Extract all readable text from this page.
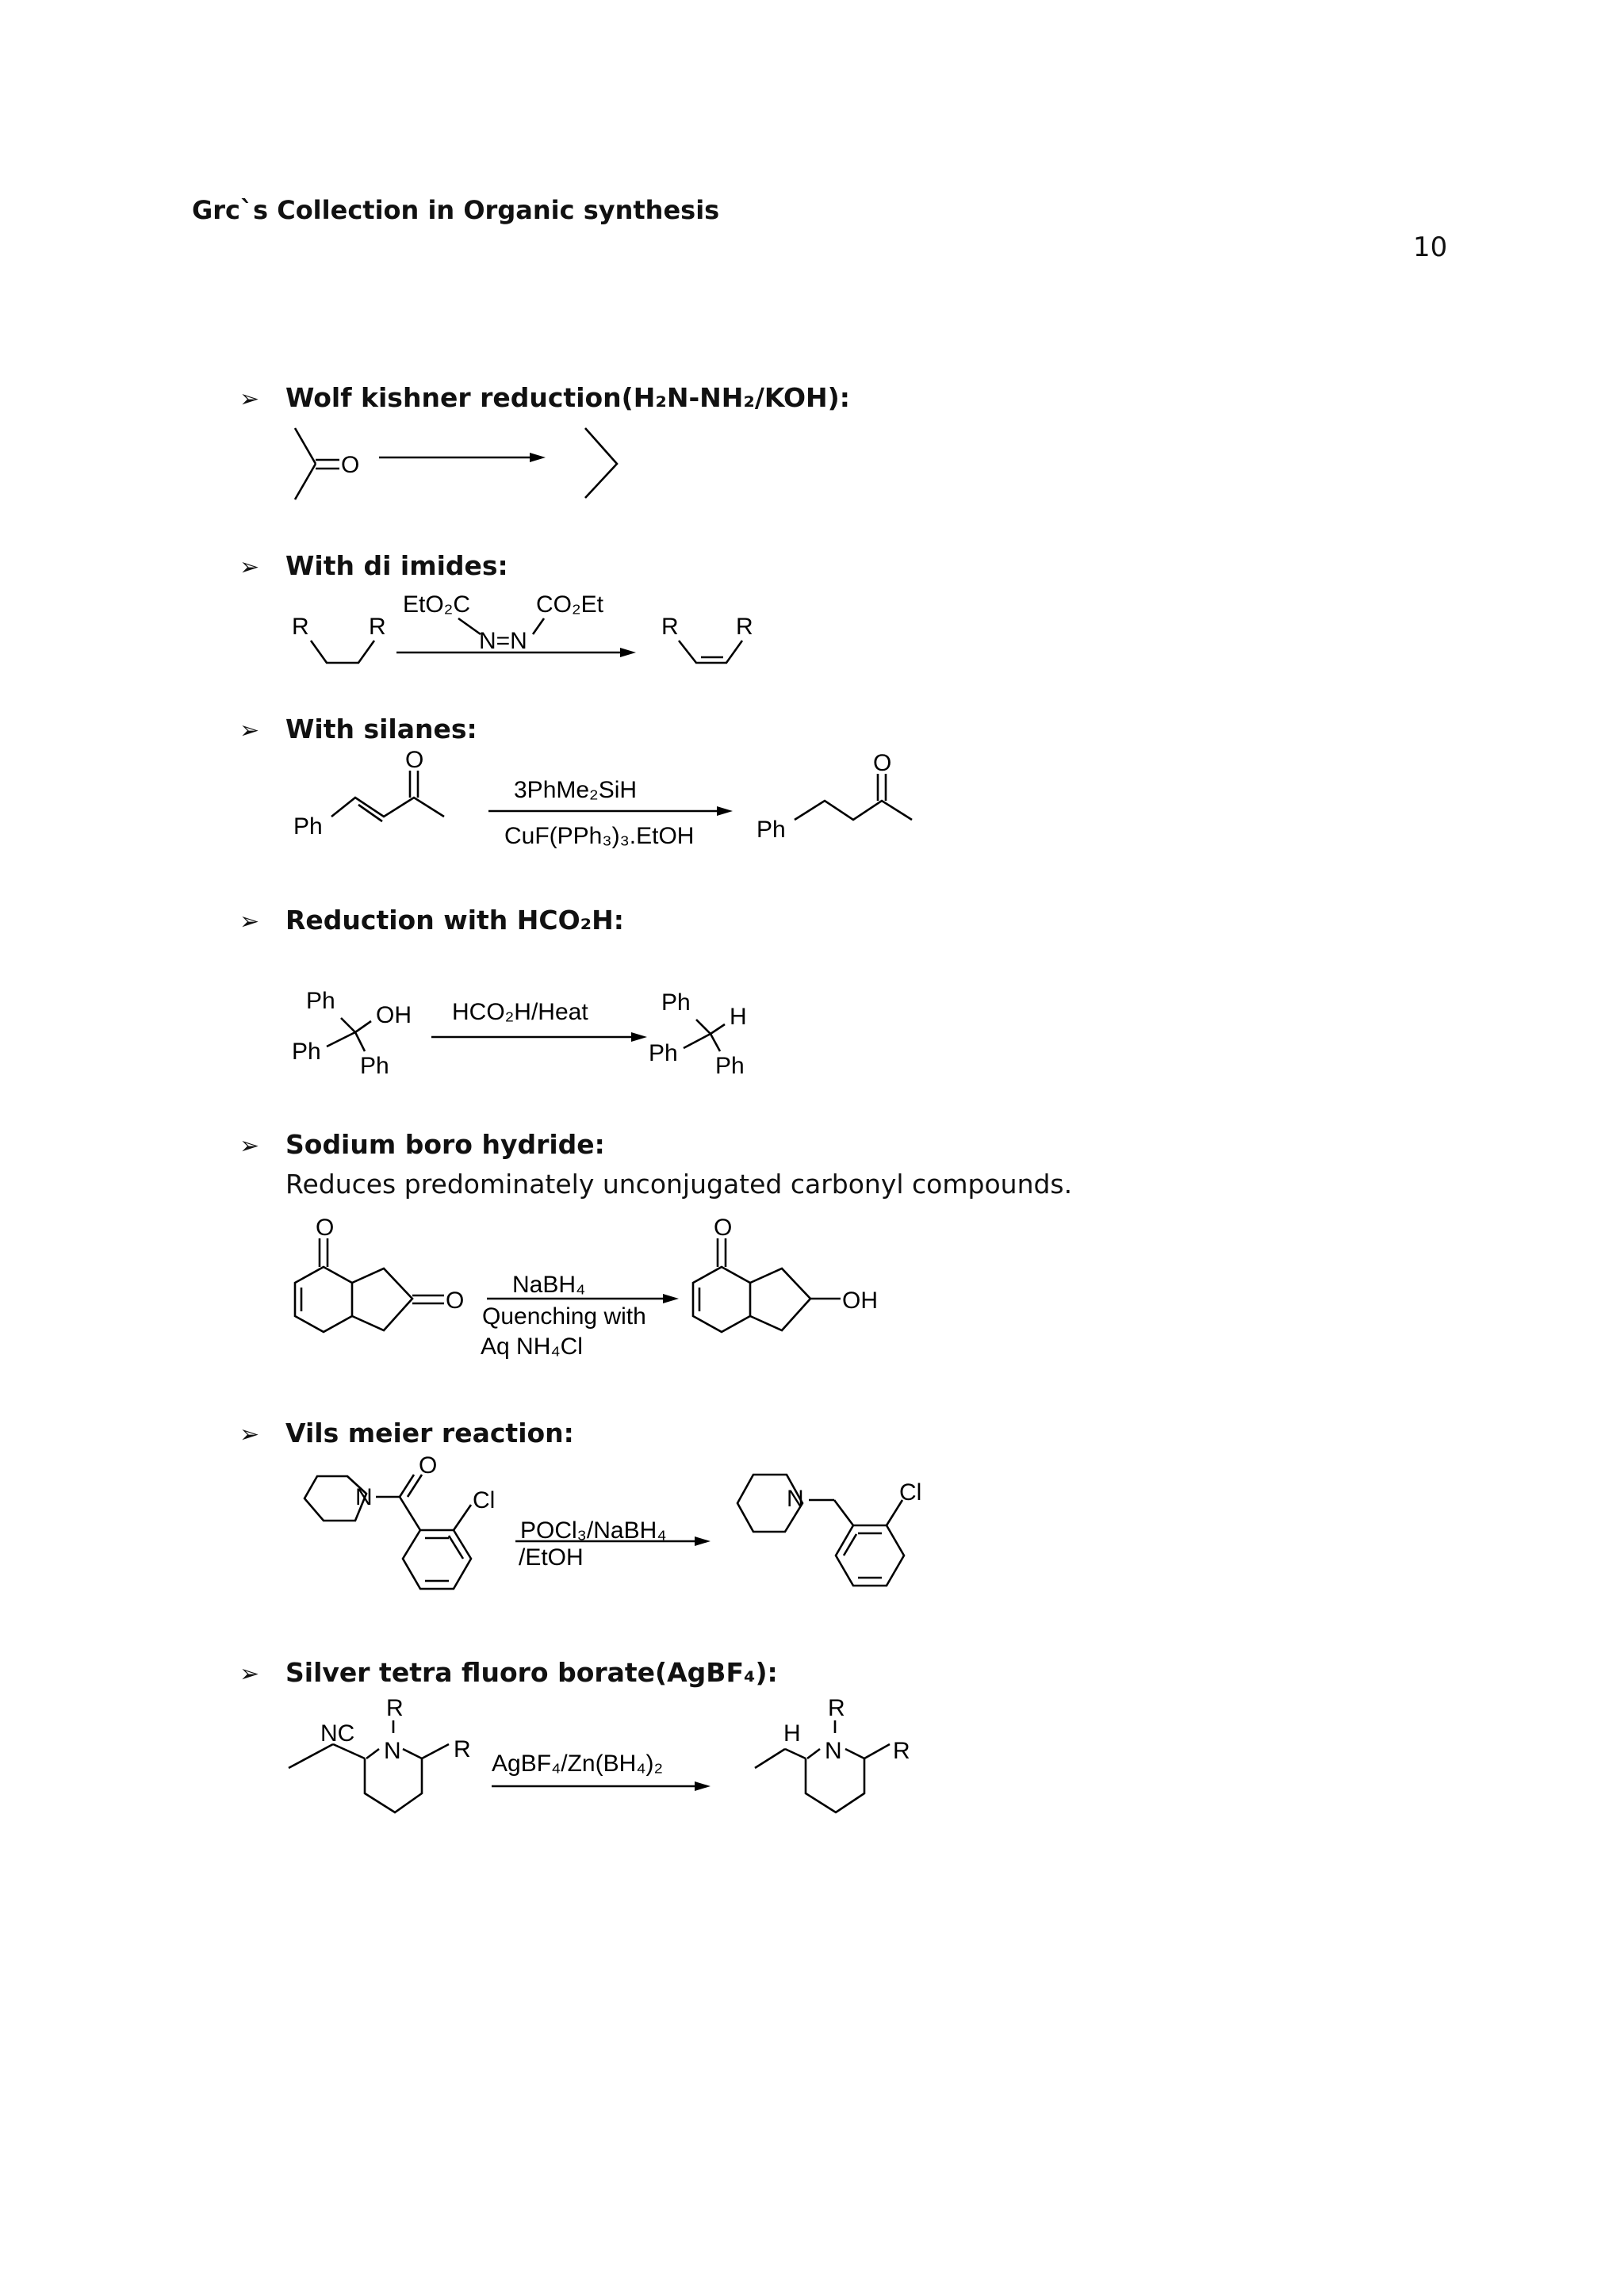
Grc`s Collection in Organic synthesis
10
➢ Wolf kishner reduction(H₂N-NH₂/KOH):
O
➢ With di imides:
R	R
EtO₂C	CO₂Et
N=N
R R
➢ With silanes:
Ph
O
3PhMe₂SiH
CuF(PPh₃)₃.EtOH	Ph
O
➢ Reduction with HCO₂H:
Ph
OH
Ph
Ph
HCO₂H/Heat	Ph
H
Ph Ph
➢ Sodium boro hydride:
Reduces predominately unconjugated carbonyl compounds.
O
O
NaBH₄
Quenching with
Aq NH₄Cl
O
OH
➢ Vils meier reaction:
N
O
Cl
POCl₃/NaBH₄
/EtOH
N	Cl
➢ Silver tetra fluoro borate(AgBF₄):
R
N
NC
R
AgBF₄/Zn(BH₄)₂
R
N
H
R
